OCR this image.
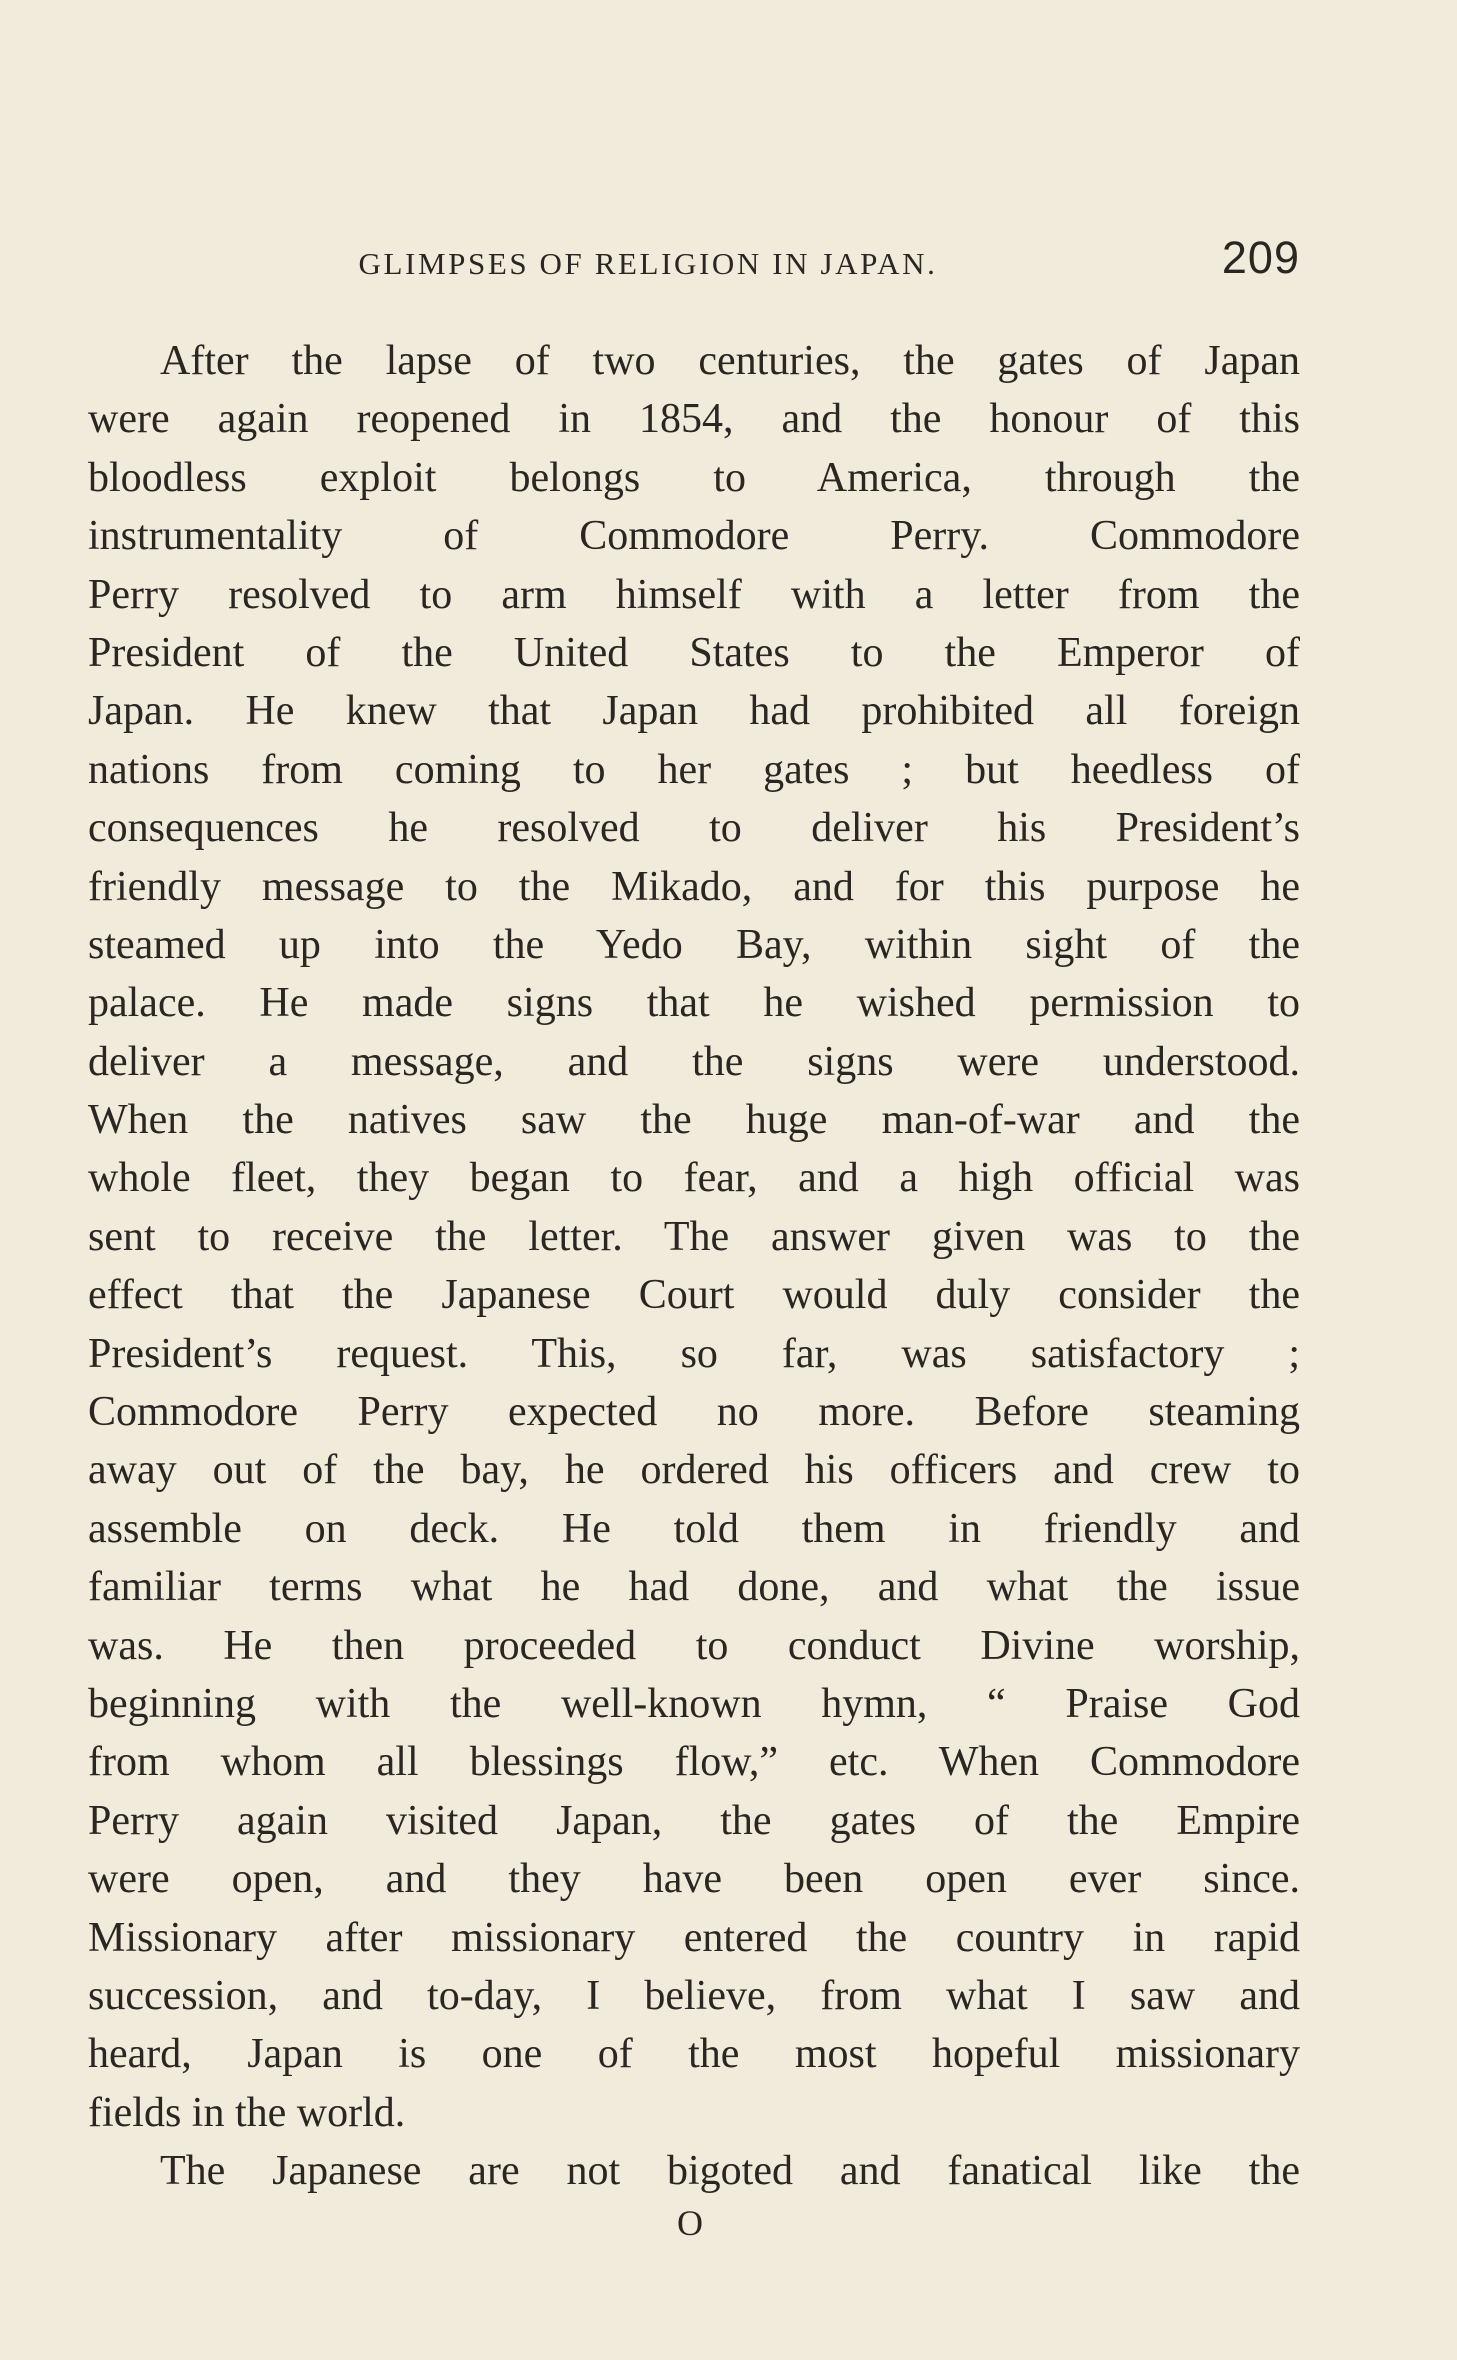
GLIMPSES OF RELIGION IN JAPAN.	209
After the lapse of two centuries, the gates of Japan
were again reopened in 1854, and the honour of this
bloodless exploit belongs to America, through the
instrumentality of Commodore Perry. Commodore
Perry resolved to arm himself with a letter from the
President of the United States to the Emperor of
Japan. He knew that Japan had prohibited all foreign
nations from coming to her gates ; but heedless of
consequences he resolved to deliver his President’s
friendly message to the Mikado, and for this purpose he
steamed up into the Yedo Bay, within sight of the
palace. He made signs that he wished permission to
deliver a message, and the signs were understood.
When the natives saw the huge man-of-war and the
whole fleet, they began to fear, and a high official was
sent to receive the letter. The answer given was to the
effect that the Japanese Court would duly consider the
President’s request. This, so far, was satisfactory ;
Commodore Perry expected no more. Before steaming
away out of the bay, he ordered his officers and crew to
assemble on deck. He told them in friendly and
familiar terms what he had done, and what the issue
was. He then proceeded to conduct Divine worship,
beginning with the well-known hymn, “ Praise God
from whom all blessings flow,” etc. When Commodore
Perry again visited Japan, the gates of the Empire
were open, and they have been open ever since.
Missionary after missionary entered the country in rapid
succession, and to-day, I believe, from what I saw and
heard, Japan is one of the most hopeful missionary
fields in the world.
The Japanese are not bigoted and fanatical like the
O
